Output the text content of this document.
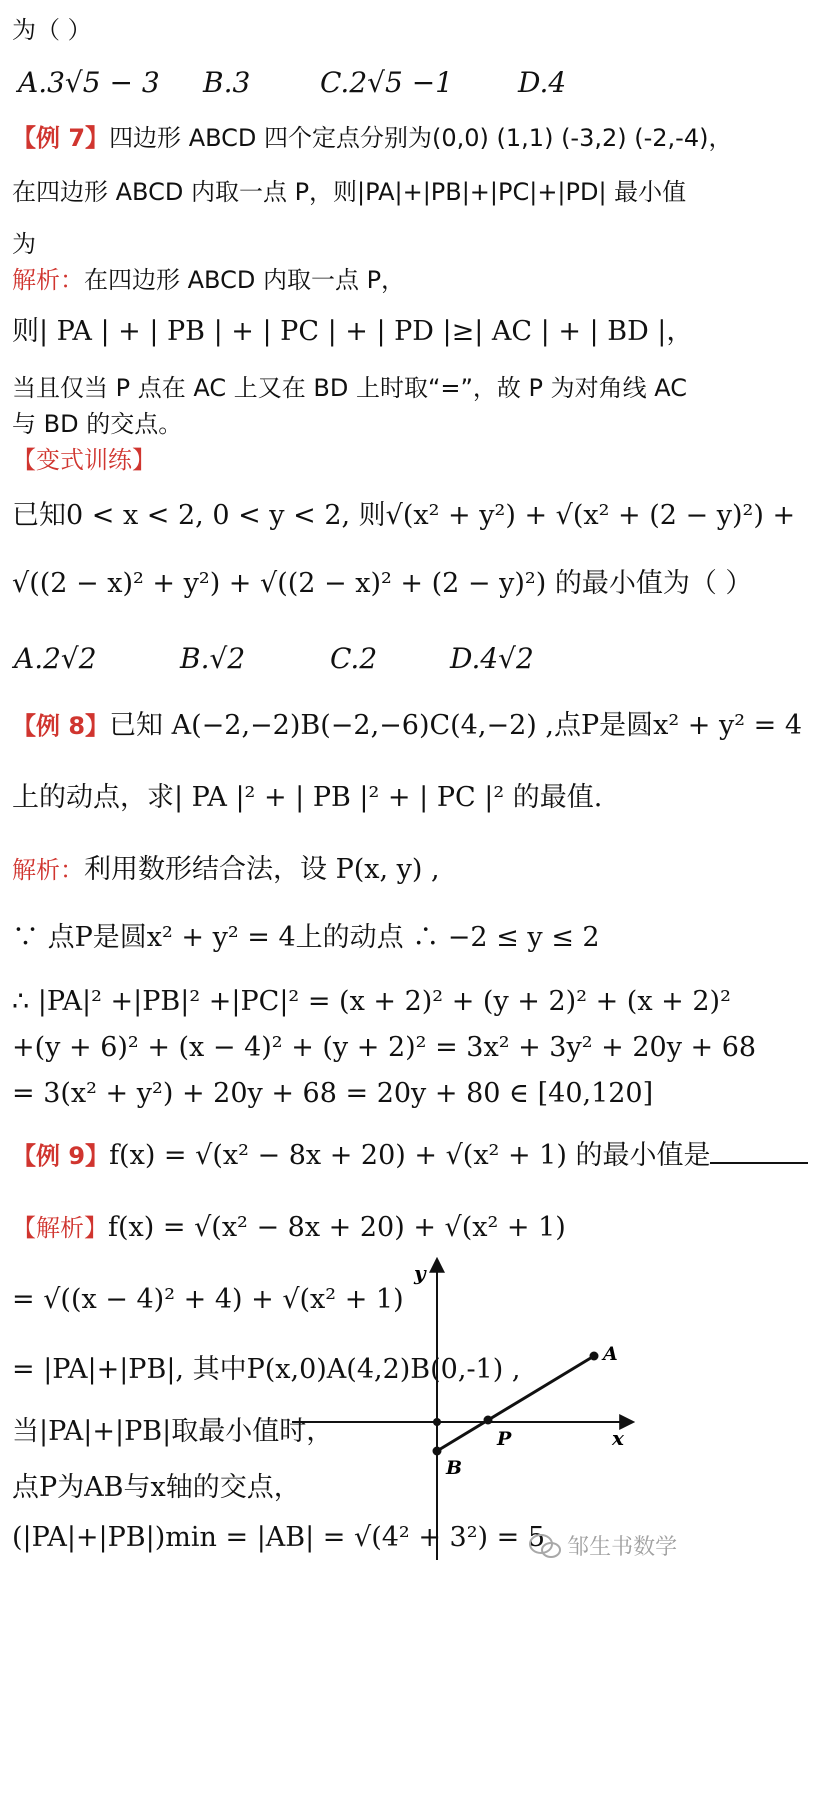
为（ ）
A.3√5 − 3 B.3 C.2√5 −1 D.4
【例 7】四边形 ABCD 四个定点分别为(0,0) (1,1) (-3,2) (-2,-4)，
在四边形 ABCD 内取一点 P，则|PA|+|PB|+|PC|+|PD| 最小值
为
解析：在四边形 ABCD 内取一点 P，
则| PA | + | PB | + | PC | + | PD |≥| AC | + | BD |，
当且仅当 P 点在 AC 上又在 BD 上时取“=”，故 P 为对角线 AC
与 BD 的交点。
【变式训练】
已知0 < x < 2, 0 < y < 2, 则√(x² + y²) + √(x² + (2 − y)²) +
√((2 − x)² + y²) + √((2 − x)² + (2 − y)²) 的最小值为（ ）
A.2√2	B.√2	C.2	D.4√2
【例 8】已知 A(−2,−2)B(−2,−6)C(4,−2) ,点P是圆x² + y² = 4
上的动点，求| PA |² + | PB |² + | PC |² 的最值.
解析：利用数形结合法，设 P(x, y) ,
∵ 点P是圆x² + y² = 4上的动点 ∴ −2 ≤ y ≤ 2
∴ |PA|² +|PB|² +|PC|² = (x + 2)² + (y + 2)² + (x + 2)²
+(y + 6)² + (x − 4)² + (y + 2)² = 3x² + 3y² + 20y + 68
= 3(x² + y²) + 20y + 68 = 20y + 80 ∈ [40,120]
【例 9】f(x) = √(x² − 8x + 20) + √(x² + 1) 的最小值是
【解析】f(x) = √(x² − 8x + 20) + √(x² + 1)
= √((x − 4)² + 4) + √(x² + 1)
= |PA|+|PB|, 其中P(x,0)A(4,2)B(0,-1) ,
当|PA|+|PB|取最小值时，
点P为AB与x轴的交点，
(|PA|+|PB|)min = |AB| = √(4² + 3²) = 5
y
x
A
B
P
邹生书数学
